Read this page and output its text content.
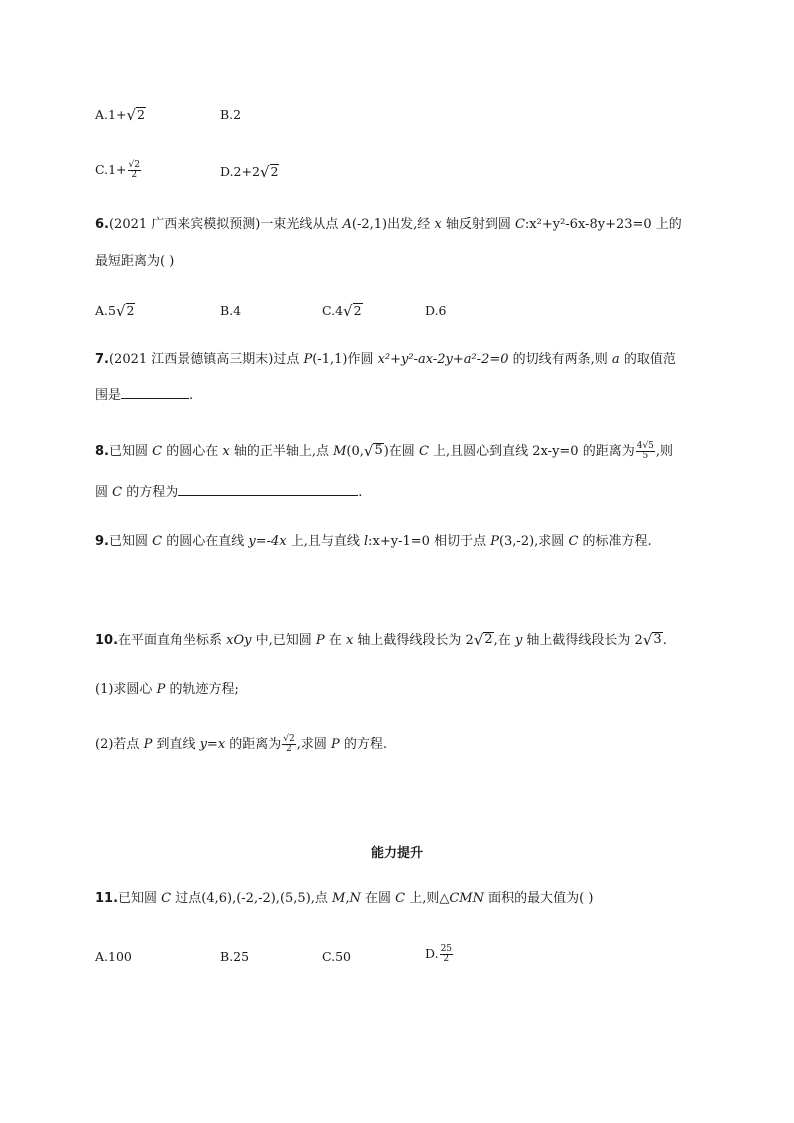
A.1+ √ 2	B.2
$C.1+ \frac{√2}{2}$	D.2+2 √ 2
6.(2021 广西来宾模拟预测)一束光线从点 A(-2,1)出发,经 x 轴反射到圆 C:x²+y²-6x-8y+23=0 上的
最短距离为( )
A.5 √ 2	B.4	C.4 √ 2	D.6
7.(2021 江西景德镇高三期末)过点 P(-1,1)作圆 x²+y²-ax-2y+a²-2=0 的切线有两条,则 a 的取值范
围是	.
8.已知圆 C 的圆心在 x 轴的正半轴上,点 M(0, √ 5 )在圆 C 上,且圆心到直线 2x-y=0 的距离为 $\frac{4√5}{5}$ ,则
圆 C 的方程为	.
9.已知圆 C 的圆心在直线 y=-4x 上,且与直线 l:x+y-1=0 相切于点 P(3,-2),求圆 C 的标准方程.
10.在平面直角坐标系 xOy 中,已知圆 P 在 x 轴上截得线段长为 2 √ 2 ,在 y 轴上截得线段长为 2 √ 3 .
(1)求圆心 P 的轨迹方程;
(2)若点 P 到直线 y=x 的距离为 $\frac{√2}{2}$ ,求圆 P 的方程.
能力提升
11.已知圆 C 过点(4,6),(-2,-2),(5,5),点 M,N 在圆 C 上,则△CMN 面积的最大值为( )
A.100	B.25	C.50	D. $\frac{25}{2}$
